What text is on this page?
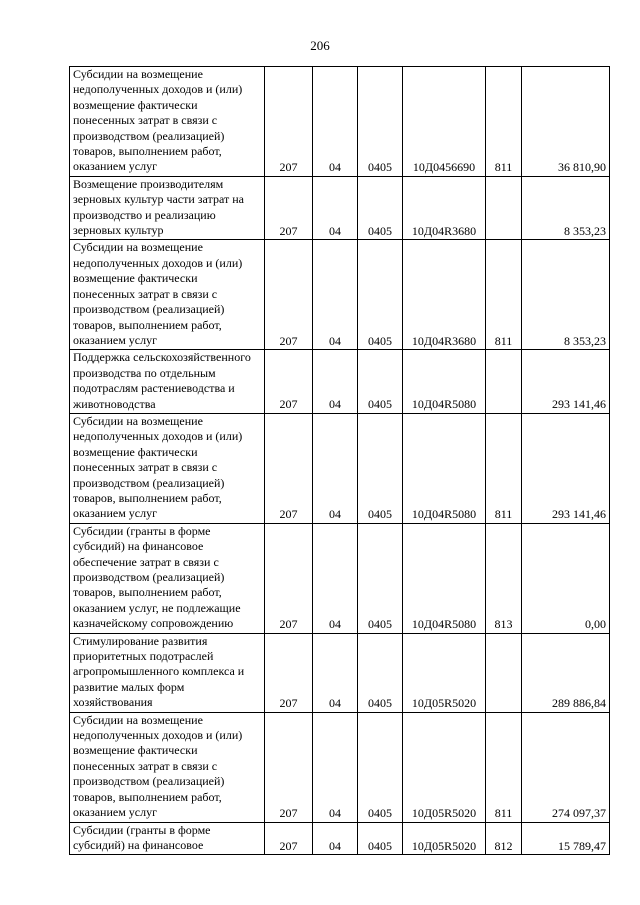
206
Субсидии на возмещение недополученных доходов и (или) возмещение фактически понесенных затрат в связи с производством (реализацией) товаров, выполнением работ, оказанием услуг	207	04	0405	10Д0456690	811	36 810,90
Возмещение производителям зерновых культур части затрат на производство и реализацию зерновых культур	207	04	0405	10Д04R3680		8 353,23
Субсидии на возмещение недополученных доходов и (или) возмещение фактически понесенных затрат в связи с производством (реализацией) товаров, выполнением работ, оказанием услуг	207	04	0405	10Д04R3680	811	8 353,23
Поддержка сельскохозяйственного производства по отдельным подотраслям растениеводства и животноводства	207	04	0405	10Д04R5080		293 141,46
Субсидии на возмещение недополученных доходов и (или) возмещение фактически понесенных затрат в связи с производством (реализацией) товаров, выполнением работ, оказанием услуг	207	04	0405	10Д04R5080	811	293 141,46
Субсидии (гранты в форме субсидий) на финансовое обеспечение затрат в связи с производством (реализацией) товаров, выполнением работ, оказанием услуг, не подлежащие казначейскому сопровождению	207	04	0405	10Д04R5080	813	0,00
Стимулирование развития приоритетных подотраслей агропромышленного комплекса и развитие малых форм хозяйствования	207	04	0405	10Д05R5020		289 886,84
Субсидии на возмещение недополученных доходов и (или) возмещение фактически понесенных затрат в связи с производством (реализацией) товаров, выполнением работ, оказанием услуг	207	04	0405	10Д05R5020	811	274 097,37
Субсидии (гранты в форме субсидий) на финансовое	207	04	0405	10Д05R5020	812	15 789,47
